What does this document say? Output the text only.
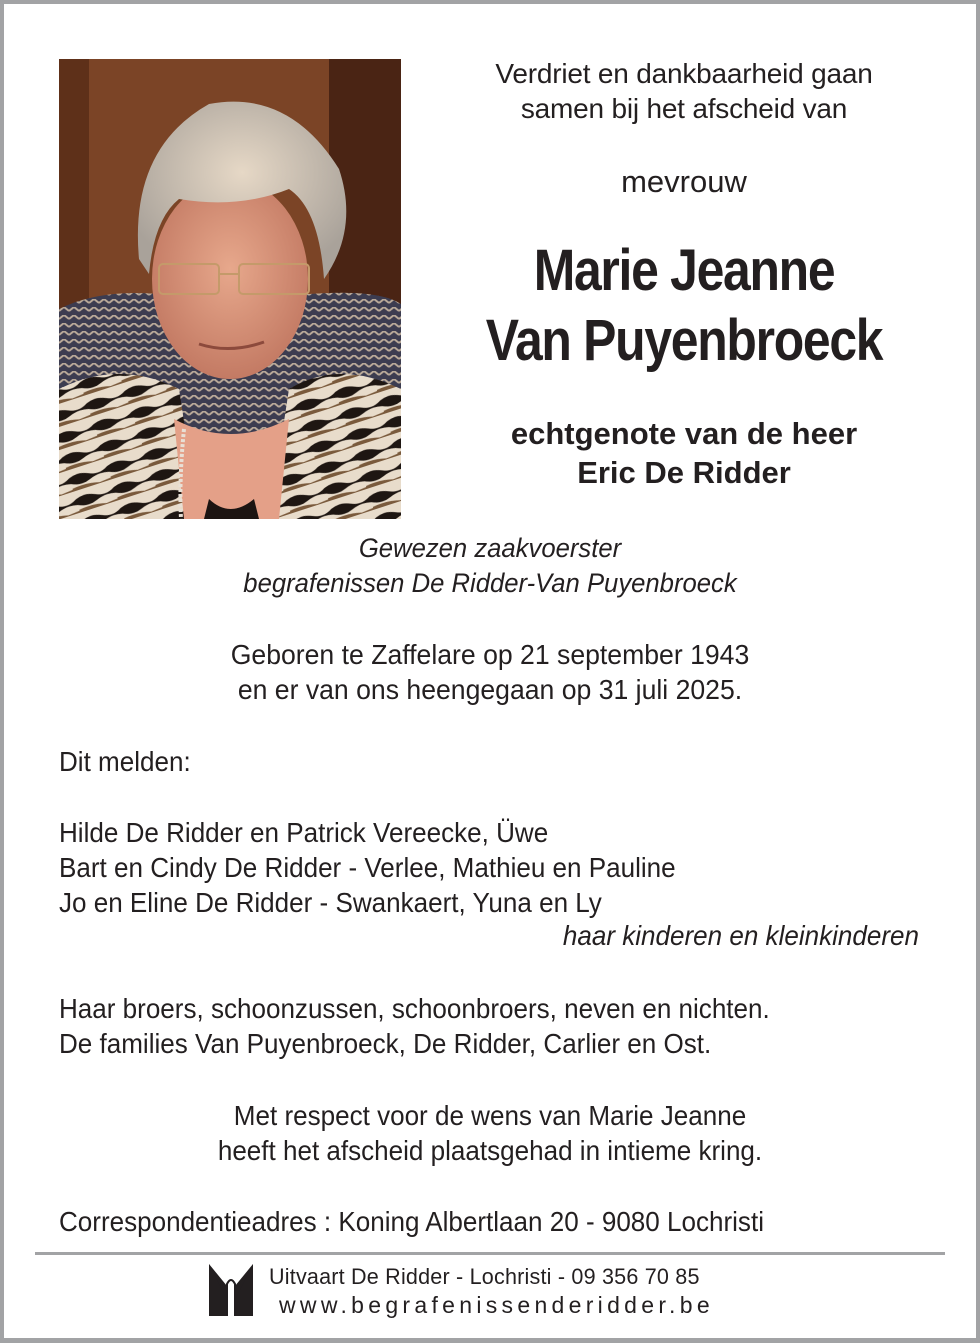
Verdriet en dankbaarheid gaan
samen bij het afscheid van
mevrouw
Marie Jeanne
Van Puyenbroeck
echtgenote van de heer
Eric De Ridder
Gewezen zaakvoerster
begrafenissen De Ridder-Van Puyenbroeck
Geboren te Zaffelare op 21 september 1943
en er van ons heengegaan op 31 juli 2025.
Dit melden:
Hilde De Ridder en Patrick Vereecke, Üwe
Bart en Cindy De Ridder - Verlee, Mathieu en Pauline
Jo en Eline De Ridder - Swankaert, Yuna en Ly
haar kinderen en kleinkinderen
Haar broers, schoonzussen, schoonbroers, neven en nichten.
De families Van Puyenbroeck, De Ridder, Carlier en Ost.
Met respect voor de wens van Marie Jeanne
heeft het afscheid plaatsgehad in intieme kring.
Correspondentieadres : Koning Albertlaan 20 - 9080 Lochristi
Uitvaart De Ridder - Lochristi - 09 356 70 85
www.begrafenissenderidder.be
